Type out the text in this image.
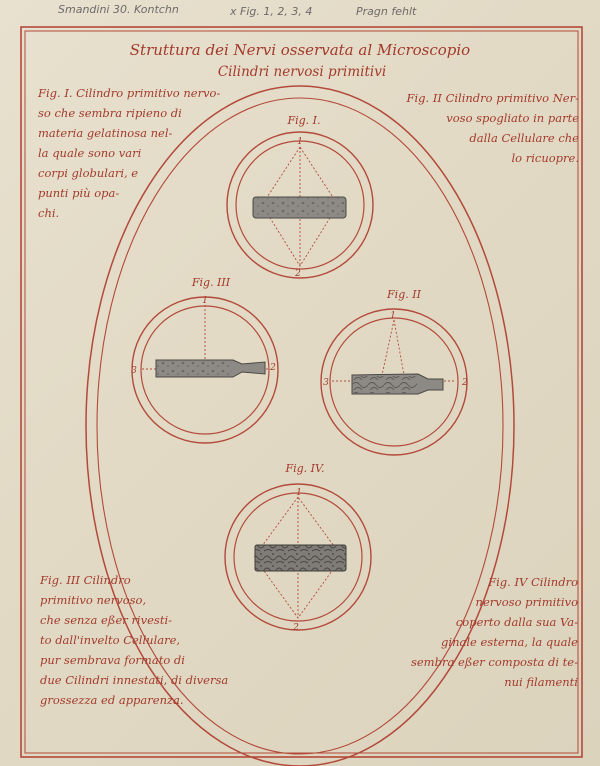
Smandini 30. Kontchn	x Fig. 1, 2, 3, 4	Pragn fehlt
Struttura dei Nervi osservata al Microscopio
Cilindri nervosi primitivi
Fig. I.
1
2
Fig. III
1
3	2
Fig. II
1
3	2
Fig. IV.
1
2
Fig. I. Cilindro primitivo nervo-
so che sembra ripieno di
materia gelatinosa nel-
la quale sono vari
corpi globulari, e
punti più opa-
chi.
Fig. II Cilindro primitivo Ner-
voso spogliato in parte
dalla Cellulare che
lo ricuopre.
Fig. III Cilindro
primitivo nervoso,
che senza eßer rivesti-
to dall'invelto Cellulare,
pur sembrava formato di
due Cilindri innestati, di diversa
grossezza ed apparenza.
Fig. IV Cilindro
nervoso primitivo
coperto dalla sua Va-
ginale esterna, la quale
sembra eßer composta di te-
nui filamenti
